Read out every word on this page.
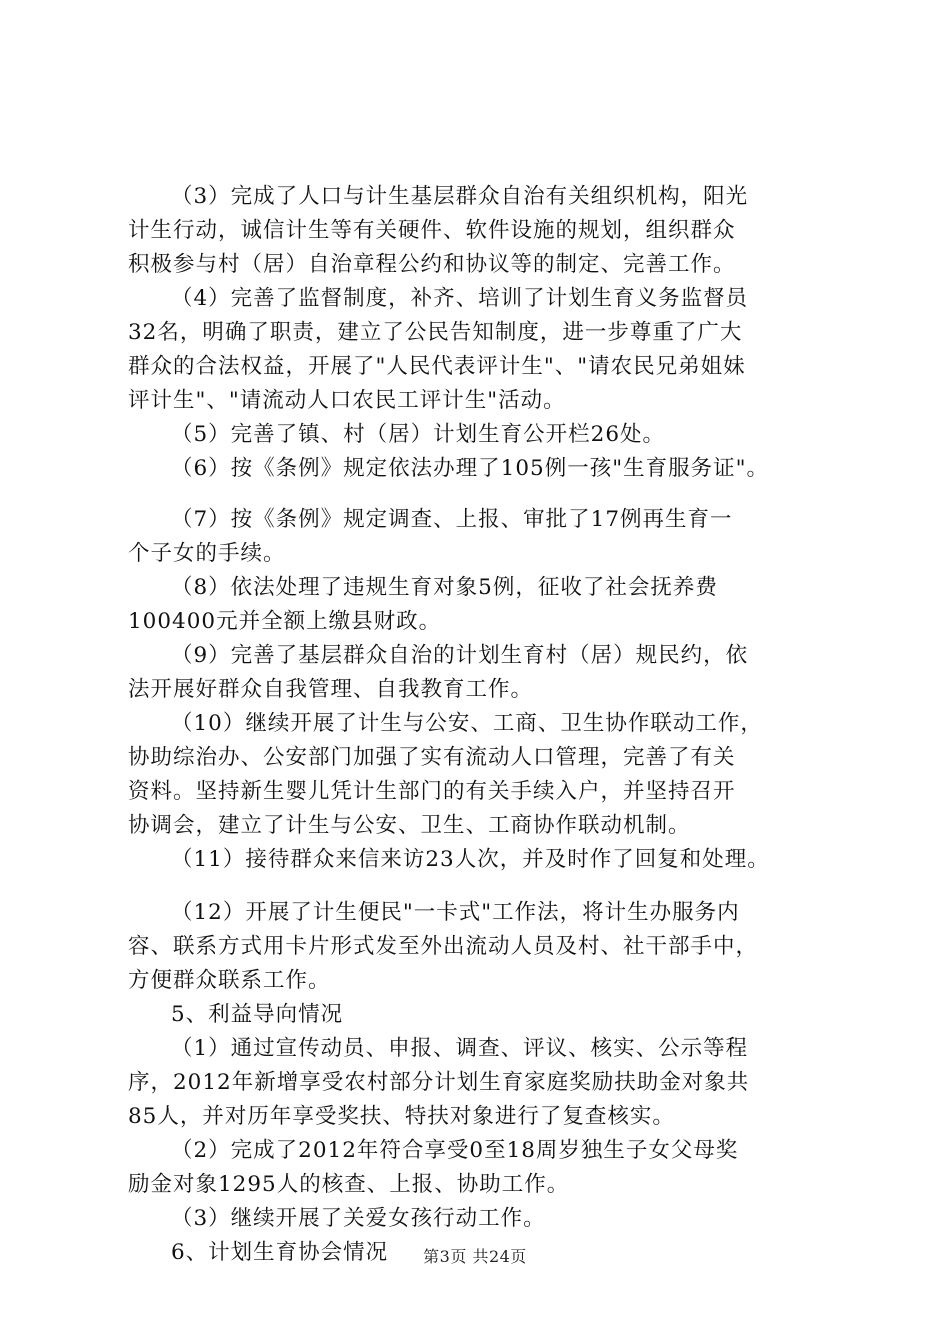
（3）完成了人口与计生基层群众自治有关组织机构，阳光
计生行动，诚信计生等有关硬件、软件设施的规划，组织群众
积极参与村（居）自治章程公约和协议等的制定、完善工作。
（4）完善了监督制度，补齐、培训了计划生育义务监督员
32名，明确了职责，建立了公民告知制度，进一步尊重了广大
群众的合法权益，开展了"人民代表评计生"、"请农民兄弟姐妹
评计生"、"请流动人口农民工评计生"活动。
（5）完善了镇、村（居）计划生育公开栏26处。
（6）按《条例》规定依法办理了105例一孩"生育服务证"。
（7）按《条例》规定调查、上报、审批了17例再生育一
个子女的手续。
（8）依法处理了违规生育对象5例，征收了社会抚养费
100400元并全额上缴县财政。
（9）完善了基层群众自治的计划生育村（居）规民约，依
法开展好群众自我管理、自我教育工作。
（10）继续开展了计生与公安、工商、卫生协作联动工作，
协助综治办、公安部门加强了实有流动人口管理，完善了有关
资料。坚持新生婴儿凭计生部门的有关手续入户，并坚持召开
协调会，建立了计生与公安、卫生、工商协作联动机制。
（11）接待群众来信来访23人次，并及时作了回复和处理。
（12）开展了计生便民"一卡式"工作法，将计生办服务内
容、联系方式用卡片形式发至外出流动人员及村、社干部手中，
方便群众联系工作。
5、利益导向情况
（1）通过宣传动员、申报、调查、评议、核实、公示等程
序，2012年新增享受农村部分计划生育家庭奖励扶助金对象共
85人，并对历年享受奖扶、特扶对象进行了复查核实。
（2）完成了2012年符合享受0至18周岁独生子女父母奖
励金对象1295人的核查、上报、协助工作。
（3）继续开展了关爱女孩行动工作。
6、计划生育协会情况	第3页 共24页
